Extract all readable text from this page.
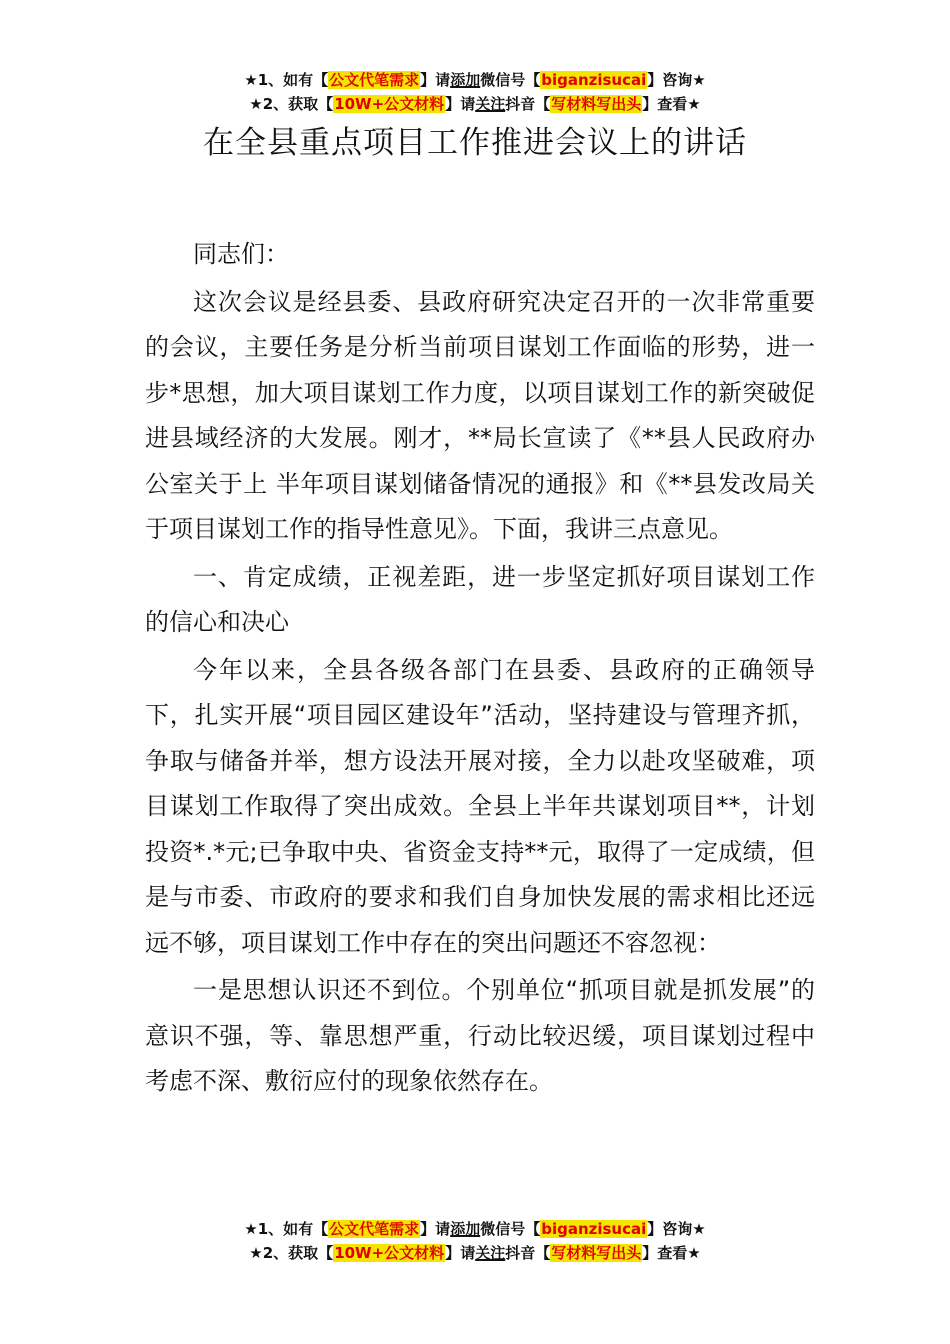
★1、如有【公文代笔需求】请添加微信号【biganzisucai】咨询★
★2、获取【10W+公文材料】请关注抖音【写材料写出头】查看★
在全县重点项目工作推进会议上的讲话

同志们：

这次会议是经县委、县政府研究决定召开的一次非常重要的会议，主要任务是分析当前项目谋划工作面临的形势，进一步*思想，加大项目谋划工作力度，以项目谋划工作的新突破促进县域经济的大发展。刚才，**局长宣读了《**县人民政府办公室关于上 半年项目谋划储备情况的通报》和《**县发改局关于项目谋划工作的指导性意见》。下面，我讲三点意见。

一、肯定成绩，正视差距，进一步坚定抓好项目谋划工作的信心和决心

今年以来，全县各级各部门在县委、县政府的正确领导下，扎实开展“项目园区建设年”活动，坚持建设与管理齐抓，争取与储备并举，想方设法开展对接，全力以赴攻坚破难，项目谋划工作取得了突出成效。全县上半年共谋划项目**，计划投资*.*元;已争取中央、省资金支持**元，取得了一定成绩，但是与市委、市政府的要求和我们自身加快发展的需求相比还远远不够，项目谋划工作中存在的突出问题还不容忽视：

一是思想认识还不到位。个别单位“抓项目就是抓发展”的意识不强，等、靠思想严重，行动比较迟缓，项目谋划过程中考虑不深、敷衍应付的现象依然存在。

★1、如有【公文代笔需求】请添加微信号【biganzisucai】咨询★
★2、获取【10W+公文材料】请关注抖音【写材料写出头】查看★
